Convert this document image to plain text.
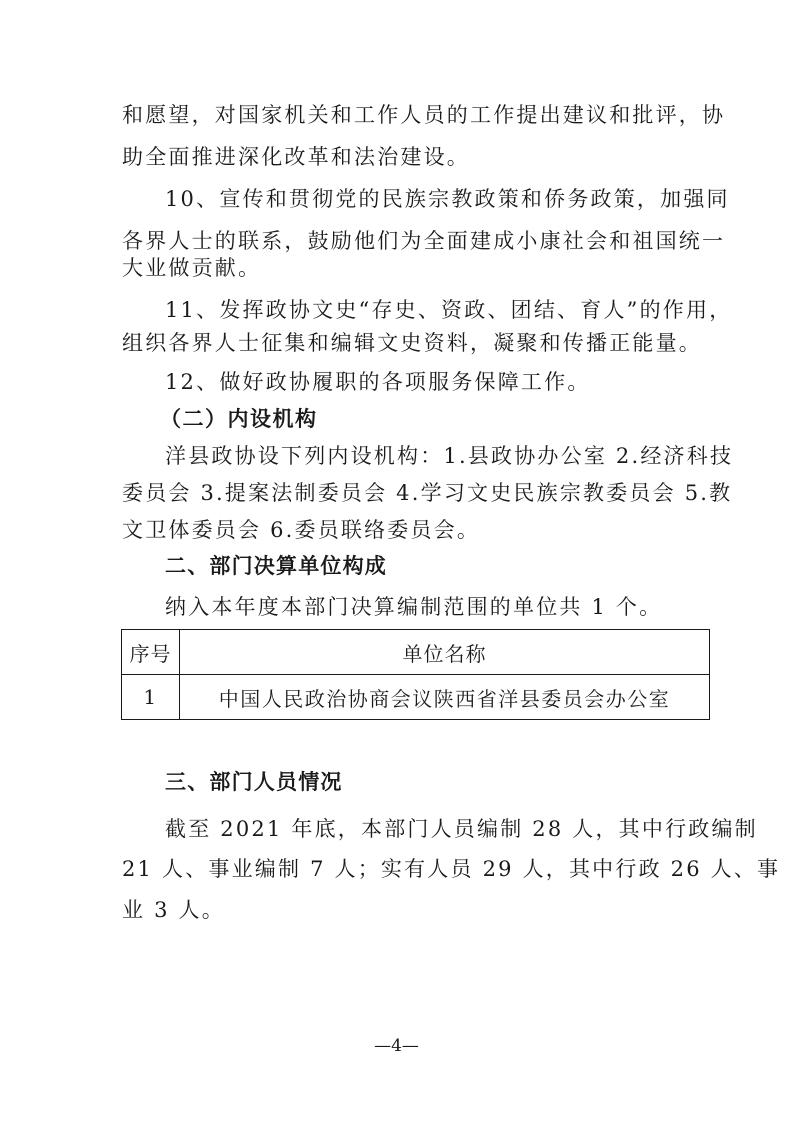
和愿望，对国家机关和工作人员的工作提出建议和批评，协
助全面推进深化改革和法治建设。
10、宣传和贯彻党的民族宗教政策和侨务政策，加强同
各界人士的联系，鼓励他们为全面建成小康社会和祖国统一
大业做贡献。
11、发挥政协文史“存史、资政、团结、育人”的作用，
组织各界人士征集和编辑文史资料，凝聚和传播正能量。
12、做好政协履职的各项服务保障工作。
（二）内设机构
洋县政协设下列内设机构：1.县政协办公室 2.经济科技
委员会 3.提案法制委员会 4.学习文史民族宗教委员会 5.教
文卫体委员会 6.委员联络委员会。
二、部门决算单位构成
纳入本年度本部门决算编制范围的单位共 1 个。
序号	单位名称
1	中国人民政治协商会议陕西省洋县委员会办公室
三、部门人员情况
截至 2021 年底，本部门人员编制 28 人，其中行政编制
21 人、事业编制 7 人；实有人员 29 人，其中行政 26 人、事
业 3 人。
—4—
